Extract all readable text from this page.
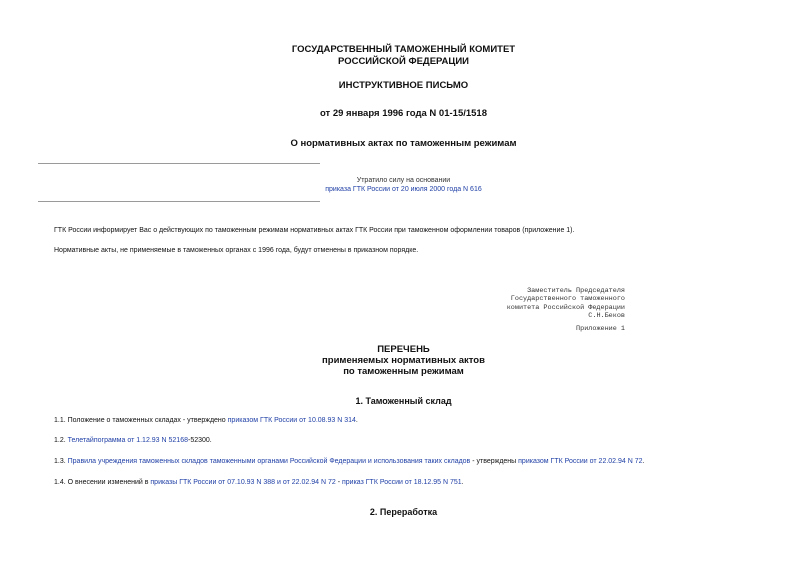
ГОСУДАРСТВЕННЫЙ ТАМОЖЕННЫЙ КОМИТЕТ
РОССИЙСКОЙ ФЕДЕРАЦИИ
ИНСТРУКТИВНОЕ ПИСЬМО
от 29 января 1996 года N 01-15/1518
О нормативных актах по таможенным режимам
Утратило силу на основании
приказа ГТК России от 20 июля 2000 года N 616
ГТК России информирует Вас о действующих по таможенным режимам нормативных актах ГТК России при таможенном оформлении товаров (приложение 1).
Нормативные акты, не применяемые в таможенных органах с 1996 года, будут отменены в приказном порядке.
Заместитель Председателя
Государственного таможенного
комитета Российской Федерации
С.Н.Беков
Приложение 1
ПЕРЕЧЕНЬ
применяемых нормативных актов
по таможенным режимам
1. Таможенный склад
1.1. Положение о таможенных складах - утверждено приказом ГТК России от 10.08.93 N 314.
1.2. Телетайпограмма от 1.12.93 N 52168-52300.
1.3. Правила учреждения таможенных складов таможенными органами Российской Федерации и использования таких складов - утверждены приказом ГТК России от 22.02.94 N 72.
1.4. О внесении изменений в приказы ГТК России от 07.10.93 N 388 и от 22.02.94 N 72 - приказ ГТК России от 18.12.95 N 751.
2. Переработка
